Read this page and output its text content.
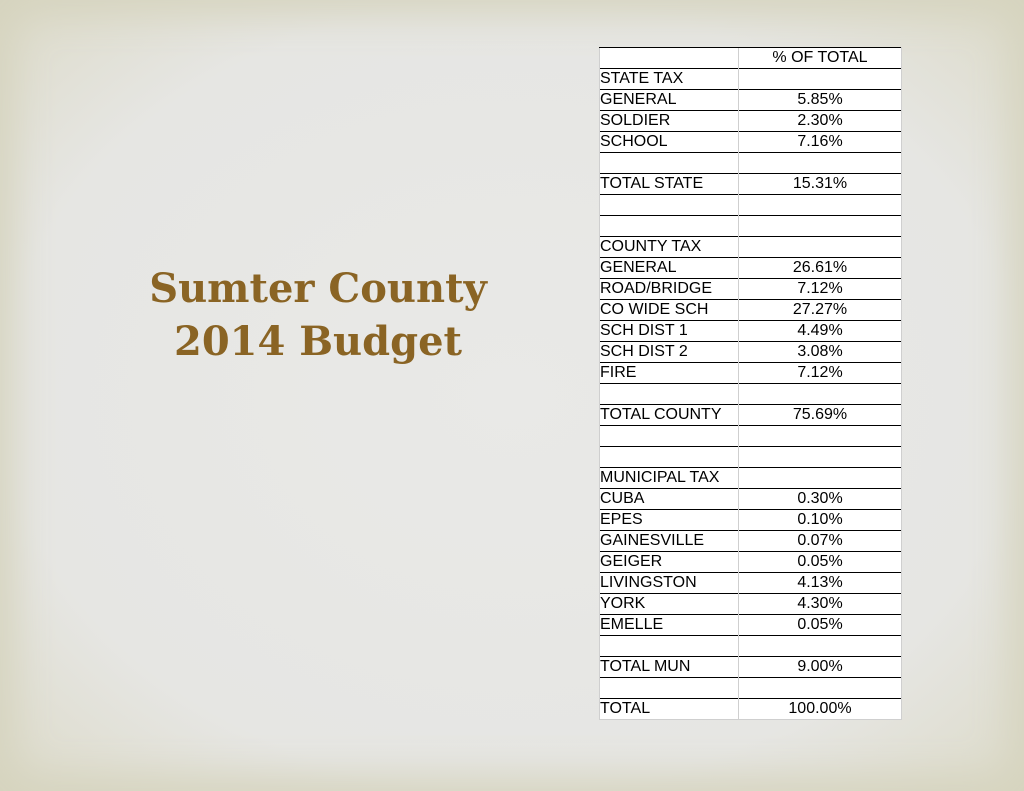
Sumter County
2014 Budget
	% OF TOTAL
STATE TAX	
GENERAL	5.85%
SOLDIER	2.30%
SCHOOL	7.16%

TOTAL STATE	15.31%

COUNTY TAX	
GENERAL	26.61%
ROAD/BRIDGE	7.12%
CO WIDE SCH	27.27%
SCH DIST 1	4.49%
SCH DIST 2	3.08%
FIRE	7.12%

TOTAL COUNTY	75.69%

MUNICIPAL TAX	
CUBA	0.30%
EPES	0.10%
GAINESVILLE	0.07%
GEIGER	0.05%
LIVINGSTON	4.13%
YORK	4.30%
EMELLE	0.05%

TOTAL MUN	9.00%

TOTAL	100.00%
